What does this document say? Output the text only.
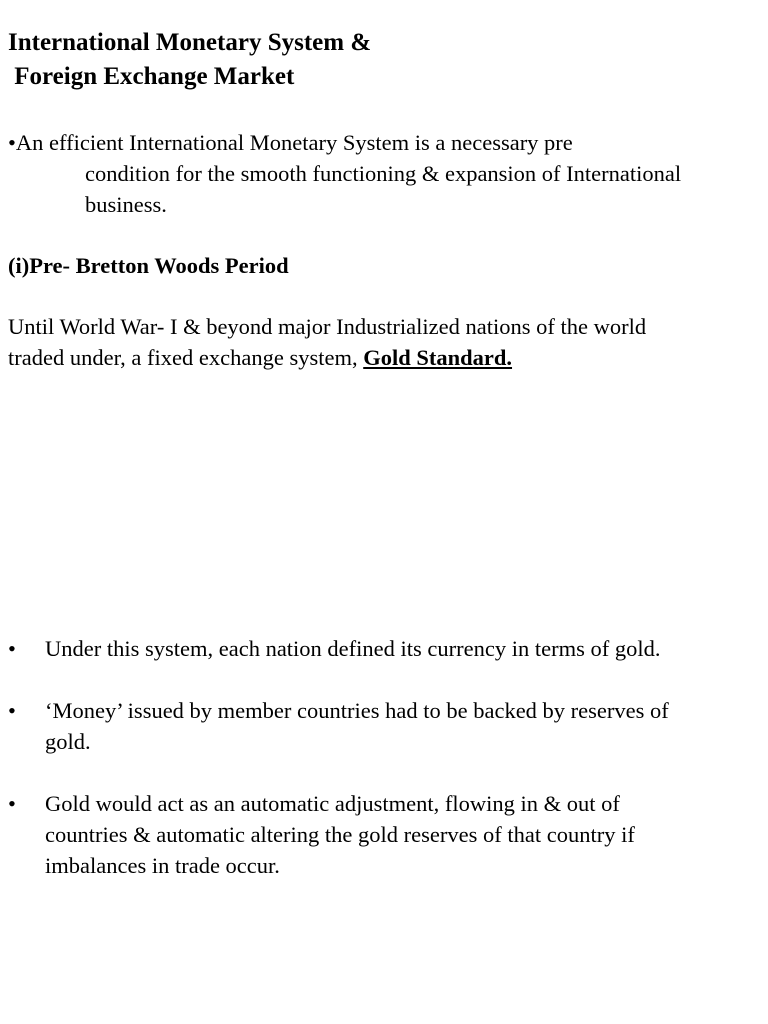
International Monetary System &
Foreign Exchange Market
•An efficient International Monetary System is a necessary pre
condition for the smooth functioning & expansion of International
business.
(i)Pre- Bretton Woods Period

Until World War- I & beyond major Industrialized nations of the world
traded under, a fixed exchange system, Gold Standard.

• Under this system, each nation defined its currency in terms of gold.
• ‘Money’ issued by member countries had to be backed by reserves of
gold.
• Gold would act as an automatic adjustment, flowing in & out of
countries & automatic altering the gold reserves of that country if
imbalances in trade occur.
